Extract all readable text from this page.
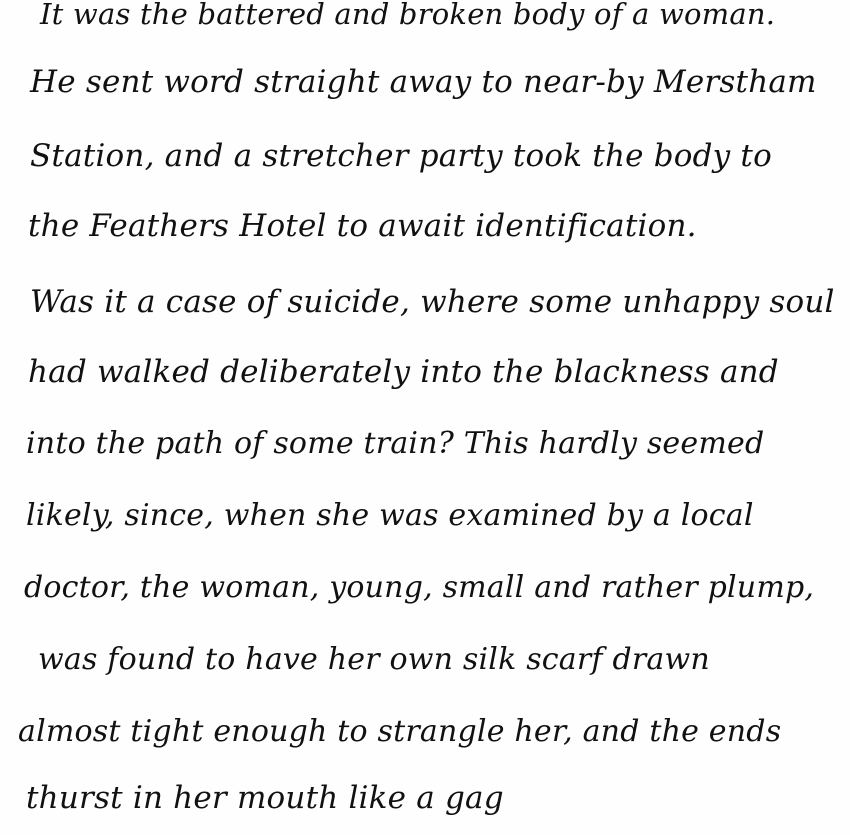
It was the battered and broken body of a woman.
He sent word straight away to near-by Merstham
Station, and a stretcher party took the body to
the Feathers Hotel to await identification.
Was it a case of suicide, where some unhappy soul
had walked deliberately into the blackness and
into the path of some train? This hardly seemed
likely, since, when she was examined by a local
doctor, the woman, young, small and rather plump,
was found to have her own silk scarf drawn
almost tight enough to strangle her, and the ends
thurst in her mouth like a gag
